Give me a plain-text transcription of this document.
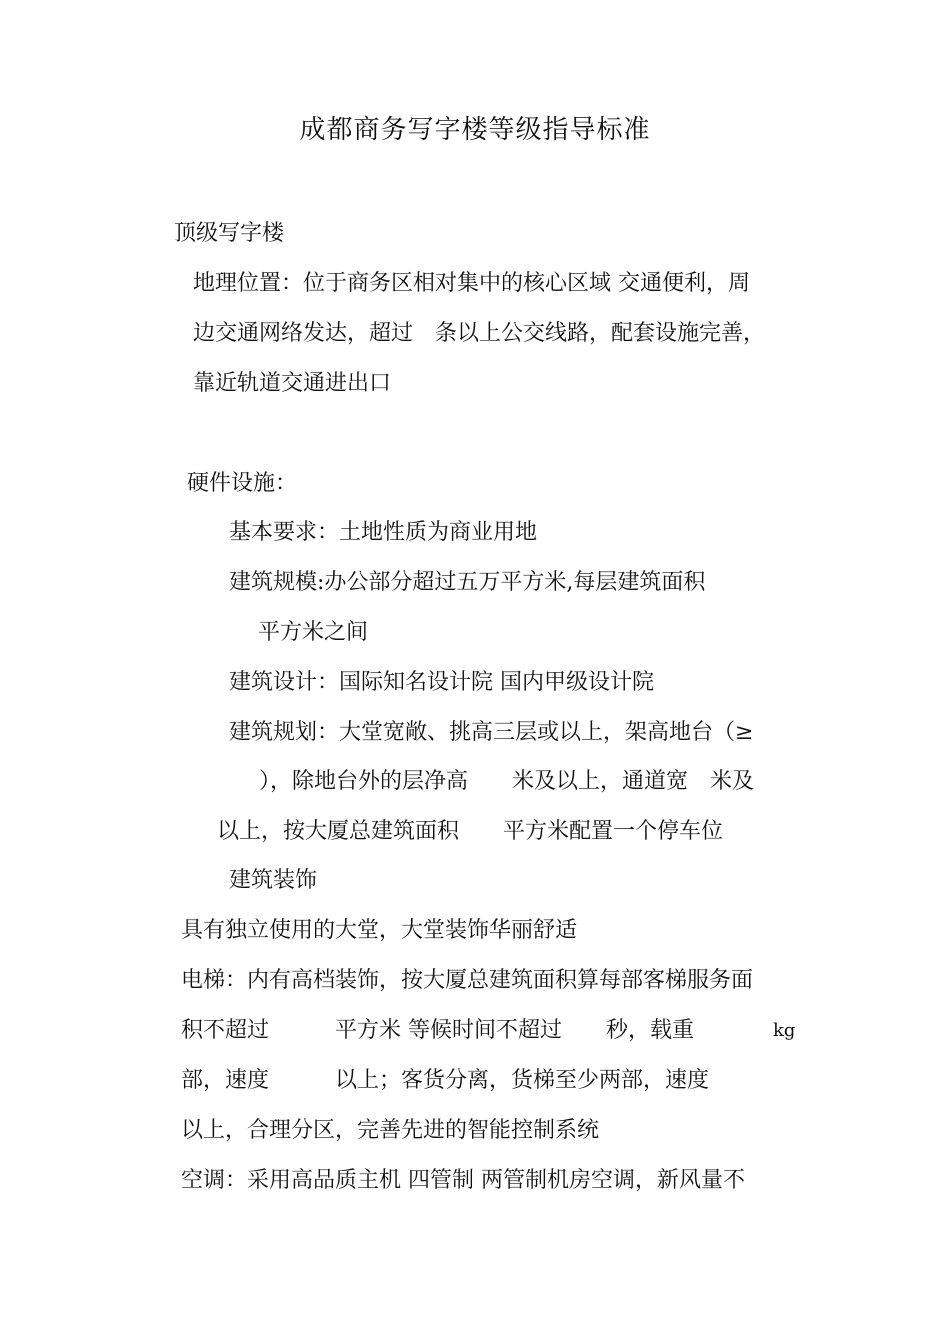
成都商务写字楼等级指导标准
顶级写字楼
地理位置：位于商务区相对集中的核心区域 交通便利，周
边交通网络发达，超过　条以上公交线路，配套设施完善，
靠近轨道交通进出口
硬件设施：
基本要求：土地性质为商业用地
建筑规模:办公部分超过五万平方米,每层建筑面积
平方米之间
建筑设计：国际知名设计院 国内甲级设计院
建筑规划：大堂宽敞、挑高三层或以上，架高地台（≥
），除地台外的层净高　　米及以上，通道宽　米及
以上，按大厦总建筑面积　　平方米配置一个停车位
建筑装饰
具有独立使用的大堂，大堂装饰华丽舒适
电梯：内有高档装饰，按大厦总建筑面积算每部客梯服务面
积不超过　　　平方米 等候时间不超过　　秒，载重	kg
部，速度　　　以上；客货分离，货梯至少两部，速度
以上，合理分区，完善先进的智能控制系统
空调：采用高品质主机 四管制 两管制机房空调，新风量不
